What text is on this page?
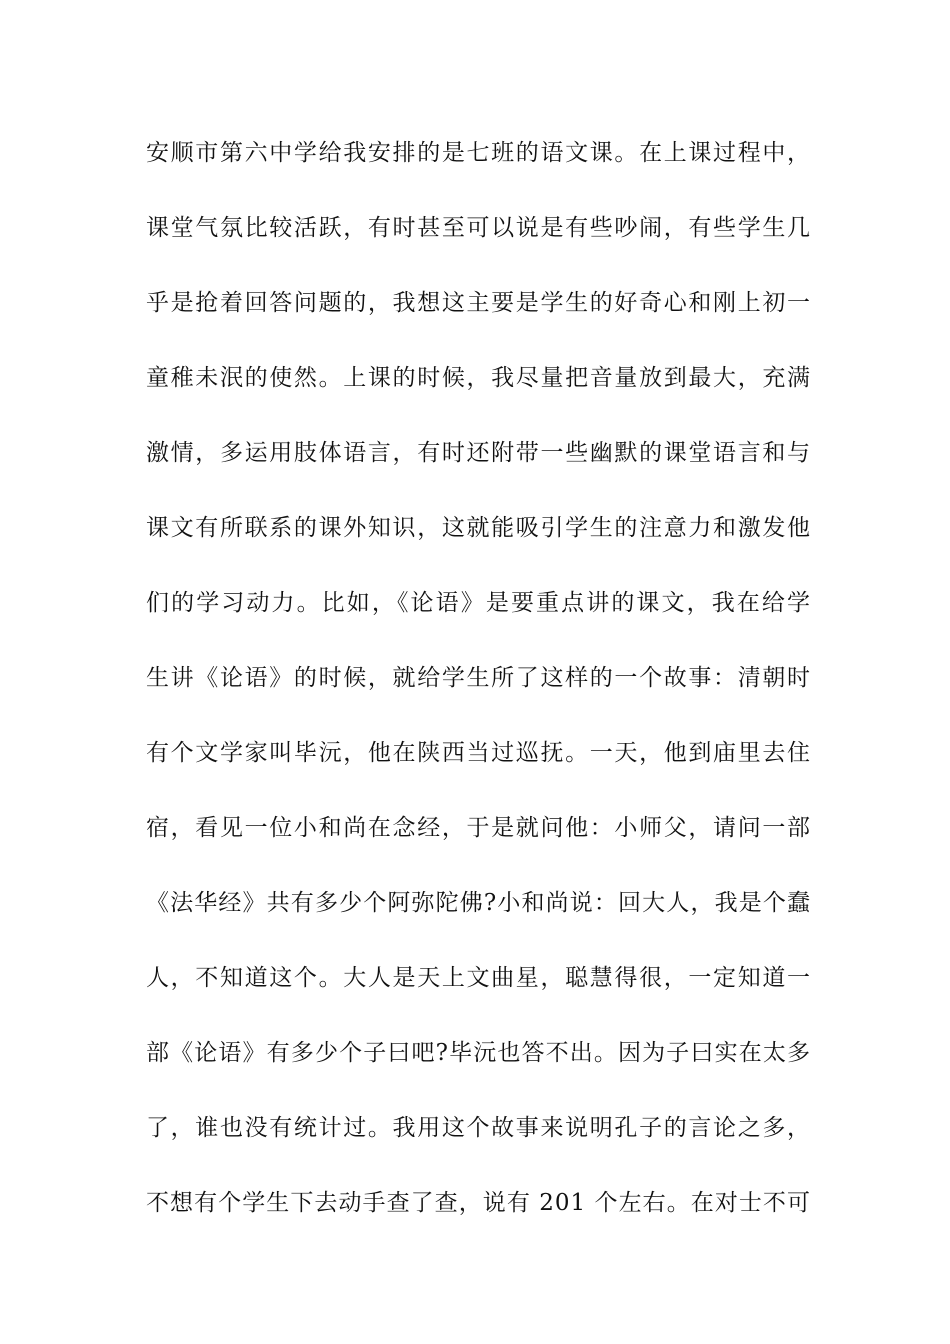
安顺市第六中学给我安排的是七班的语文课。在上课过程中，
课堂气氛比较活跃，有时甚至可以说是有些吵闹，有些学生几
乎是抢着回答问题的，我想这主要是学生的好奇心和刚上初一
童稚未泯的使然。上课的时候，我尽量把音量放到最大，充满
激情，多运用肢体语言，有时还附带一些幽默的课堂语言和与
课文有所联系的课外知识，这就能吸引学生的注意力和激发他
们的学习动力。比如，《论语》是要重点讲的课文，我在给学
生讲《论语》的时候，就给学生所了这样的一个故事：清朝时
有个文学家叫毕沅，他在陕西当过巡抚。一天，他到庙里去住
宿，看见一位小和尚在念经，于是就问他：小师父，请问一部
《法华经》共有多少个阿弥陀佛?小和尚说：回大人，我是个蠢
人，不知道这个。大人是天上文曲星，聪慧得很，一定知道一
部《论语》有多少个子曰吧?毕沅也答不出。因为子曰实在太多
了，谁也没有统计过。我用这个故事来说明孔子的言论之多，
不想有个学生下去动手查了查，说有 201 个左右。在对士不可
